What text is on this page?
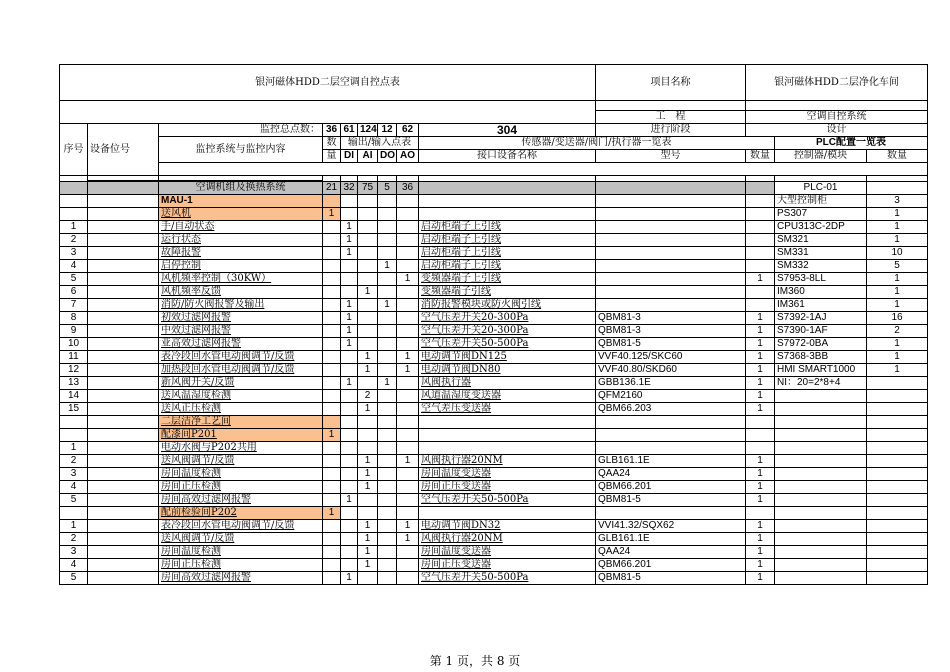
银河磁体HDD二层空调自控点表									项目名称	银河磁体HDD二层净化车间		

									工　程	空调自控系统		
序号	设备位号	监控总点数：	36	61	124	12	62	304	进行阶段	设计		
		监控系统与监控内容	数	输出/输入点表				传感器/变送器/阀门/执行器一览表			PLC配置一览表	
			量	DI	AI	DO	AO	接口设备名称	型号	数量	控制器/模块	数量

		空调机组及换热系统	21	32	75	5	36				PLC-01	
		MAU-1									大型控制柜	3
		送风机	1								PS307	1
1		手/自动状态		1				启动柜端子上引线			CPU313C-2DP	1
2		运行状态		1				启动柜端子上引线			SM321	1
3		故障报警		1				启动柜端子上引线			SM331	10
4		启停控制				1		启动柜端子上引线			SM332	5
5		风机频率控制（30KW）					1	变频器端子上引线		1	S7953-8LL	1
6		风机频率反馈			1			变频器端子引线			IM360	1
7		消防/防火阀报警及输出		1		1		消防报警模块或防火阀引线			IM361	1
8		初效过滤网报警		1				空气压差开关20-300Pa	QBM81-3	1	S7392-1AJ	16
9		中效过滤网报警		1				空气压差开关20-300Pa	QBM81-3	1	S7390-1AF	2
10		亚高效过滤网报警		1				空气压差开关50-500Pa	QBM81-5	1	S7972-0BA	1
11		表冷段回水管电动阀调节/反馈			1		1	电动调节阀DN125	VVF40.125/SKC60	1	S7368-3BB	1
12		加热段回水管电动阀调节/反馈			1		1	电动调节阀DN80	VVF40.80/SKD60	1	HMI SMART1000	1
13		新风阀开关/反馈		1		1		风阀执行器	GBB136.1E	1	NI：20=2*8+4	
14		送风温湿度检测			2			风道温湿度变送器	QFM2160	1		
15		送风正压检测			1			空气差压变送器	QBM66.203	1		
		二层洁净工艺间										
		配漆间P201	1									
1		电动水阀与P202共用										
2		送风阀调节/反馈			1		1	风阀执行器20NM	GLB161.1E	1		
3		房间温度检测			1			房间温度变送器	QAA24	1		
4		房间正压检测			1			房间正压变送器	QBM66.201	1		
5		房间高效过滤网报警		1				空气压差开关50-500Pa	QBM81-5	1		
		配前检验间P202	1									
1		表冷段回水管电动阀调节/反馈			1		1	电动调节阀DN32	VVI41.32/SQX62	1		
2		送风阀调节/反馈			1		1	风阀执行器20NM	GLB161.1E	1		
3		房间温度检测			1			房间温度变送器	QAA24	1		
4		房间正压检测			1			房间正压变送器	QBM66.201	1		
5		房间高效过滤网报警		1				空气压差开关50-500Pa	QBM81-5	1		
第 1 页，共 8 页
